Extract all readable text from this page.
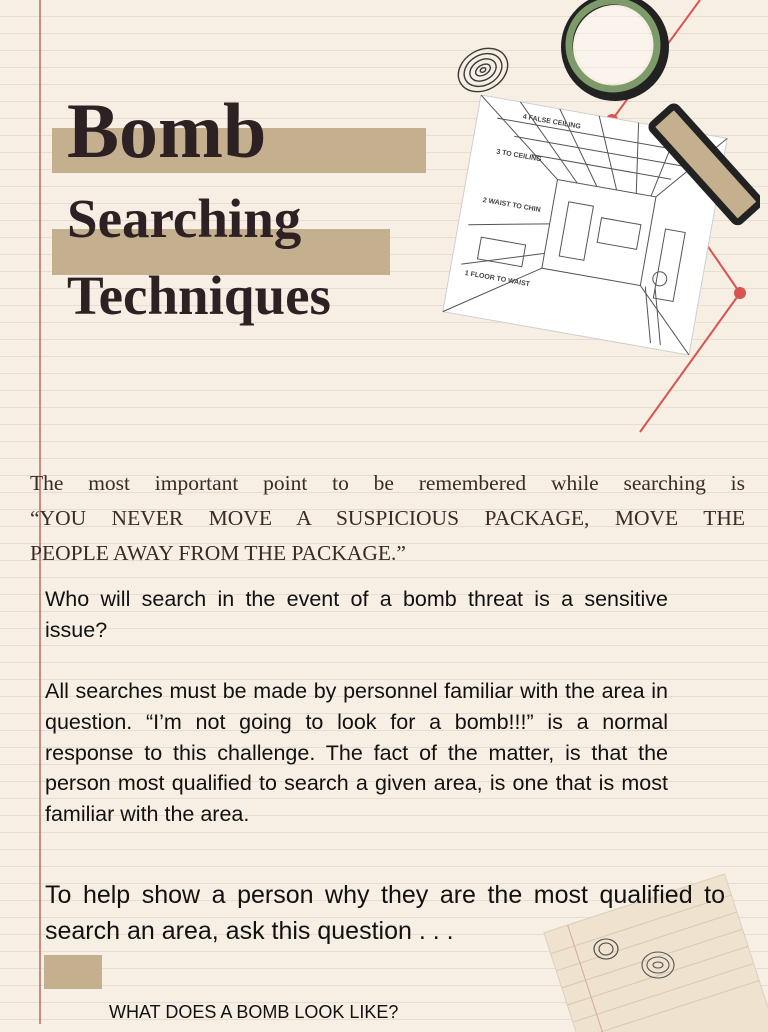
Bomb
Searching
Techniques
4 FALSE CEILING
3 TO CEILING
2 WAIST TO CHIN
1 FLOOR TO WAIST
The most important point to be remembered while searching is
“YOU NEVER MOVE A SUSPICIOUS PACKAGE, MOVE THE
PEOPLE AWAY FROM THE PACKAGE.”
Who will search in the event of a bomb threat is a sensitive issue?
All searches must be made by personnel familiar with the area in question. “I’m not going to look for a bomb!!!” is a normal response to this challenge. The fact of the matter, is that the person most qualified to search a given area, is one that is most familiar with the area.
To help show a person why they are the most qualified to search an area, ask this question . . .
WHAT DOES A BOMB LOOK LIKE?
